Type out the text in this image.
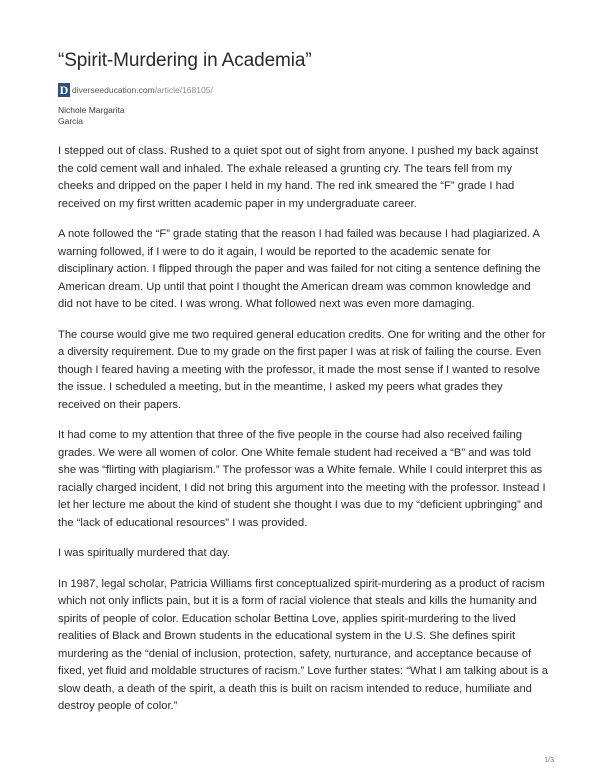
“Spirit-Murdering in Academia”
D diverseeducation.com/article/168105/
Nichole Margarita
Garcia

I stepped out of class. Rushed to a quiet spot out of sight from anyone. I pushed my back against the cold cement wall and inhaled. The exhale released a grunting cry. The tears fell from my cheeks and dripped on the paper I held in my hand. The red ink smeared the “F” grade I had received on my first written academic paper in my undergraduate career.

A note followed the “F” grade stating that the reason I had failed was because I had plagiarized. A warning followed, if I were to do it again, I would be reported to the academic senate for disciplinary action. I flipped through the paper and was failed for not citing a sentence defining the American dream. Up until that point I thought the American dream was common knowledge and did not have to be cited. I was wrong. What followed next was even more damaging.

The course would give me two required general education credits. One for writing and the other for a diversity requirement. Due to my grade on the first paper I was at risk of failing the course. Even though I feared having a meeting with the professor, it made the most sense if I wanted to resolve the issue. I scheduled a meeting, but in the meantime, I asked my peers what grades they received on their papers.

It had come to my attention that three of the five people in the course had also received failing grades. We were all women of color. One White female student had received a “B” and was told she was “flirting with plagiarism.” The professor was a White female. While I could interpret this as racially charged incident, I did not bring this argument into the meeting with the professor. Instead I let her lecture me about the kind of student she thought I was due to my “deficient upbringing” and the “lack of educational resources” I was provided.

I was spiritually murdered that day.

In 1987, legal scholar, Patricia Williams first conceptualized spirit-murdering as a product of racism which not only inflicts pain, but it is a form of racial violence that steals and kills the humanity and spirits of people of color. Education scholar Bettina Love, applies spirit-murdering to the lived realities of Black and Brown students in the educational system in the U.S. She defines spirit murdering as the “denial of inclusion, protection, safety, nurturance, and acceptance because of fixed, yet fluid and moldable structures of racism.” Love further states: “What I am talking about is a slow death, a death of the spirit, a death this is built on racism intended to reduce, humiliate and destroy people of color.”

1/3
